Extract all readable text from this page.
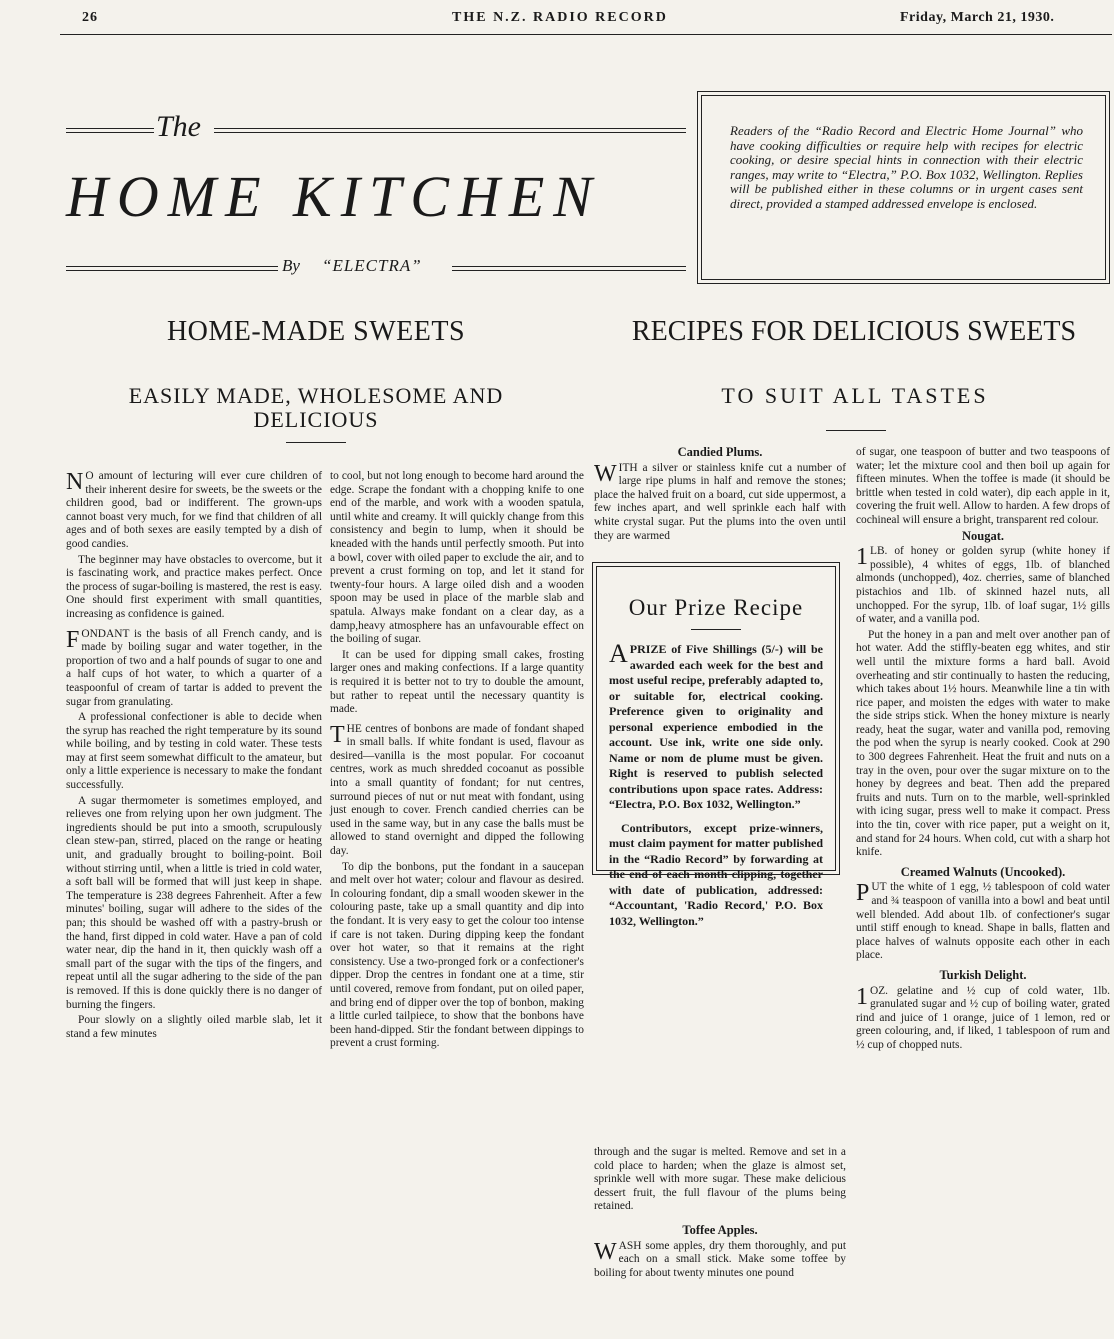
26	THE N.Z. RADIO RECORD	Friday, March 21, 1930.
The
HOME KITCHEN
By “ELECTRA”
Readers of the “Radio Record and Electric Home Journal” who have cooking difficulties or require help with recipes for electric cooking, or desire special hints in connection with their electric ranges, may write to “Electra,” P.O. Box 1032, Wellington. Replies will be published either in these columns or in urgent cases sent direct, provided a stamped addressed envelope is enclosed.
HOME-MADE SWEETS
EASILY MADE, WHOLESOME AND DELICIOUS
RECIPES FOR DELICIOUS SWEETS
TO SUIT ALL TASTES

N O amount of lecturing will ever cure children of their inherent desire for sweets, be the sweets or the children good, bad or indifferent. The grown-ups cannot boast very much, for we find that children of all ages and of both sexes are easily tempted by a dish of good candies.

The beginner may have obstacles to overcome, but it is fascinating work, and practice makes perfect. Once the process of sugar-boiling is mastered, the rest is easy. One should first experiment with small quantities, increasing as confidence is gained.

FONDANT is the basis of all French candy, and is made by boiling sugar and water together, in the proportion of two and a half pounds of sugar to one and a half cups of hot water, to which a quarter of a teaspoonful of cream of tartar is added to prevent the sugar from granulating.

A professional confectioner is able to decide when the syrup has reached the right temperature by its sound while boiling, and by testing in cold water. These tests may at first seem somewhat difficult to the amateur, but only a little experience is necessary to make the fondant successfully.

A sugar thermometer is sometimes employed, and relieves one from relying upon her own judgment. The ingredients should be put into a smooth, scrupulously clean stew-pan, stirred, placed on the range or heating unit, and gradually brought to boiling-point. Boil without stirring until, when a little is tried in cold water, a soft ball will be formed that will just keep in shape. The temperature is 238 degrees Fahrenheit. After a few minutes' boiling, sugar will adhere to the sides of the pan; this should be washed off with a pastry-brush or the hand, first dipped in cold water. Have a pan of cold water near, dip the hand in it, then quickly wash off a small part of the sugar with the tips of the fingers, and repeat until all the sugar adhering to the side of the pan is removed. If this is done quickly there is no danger of burning the fingers.

Pour slowly on a slightly oiled marble slab, let it stand a few minutes

to cool, but not long enough to become hard around the edge. Scrape the fondant with a chopping knife to one end of the marble, and work with a wooden spatula, until white and creamy. It will quickly change from this consistency and begin to lump, when it should be kneaded with the hands until perfectly smooth. Put into a bowl, cover with oiled paper to exclude the air, and to prevent a crust forming on top, and let it stand for twenty-four hours. A large oiled dish and a wooden spoon may be used in place of the marble slab and spatula. Always make fondant on a clear day, as a damp,heavy atmosphere has an unfavourable effect on the boiling of sugar.

It can be used for dipping small cakes, frosting larger ones and making confections. If a large quantity is required it is better not to try to double the amount, but rather to repeat until the necessary quantity is made.

THE centres of bonbons are made of fondant shaped in small balls. If white fondant is used, flavour as desired—vanilla is the most popular. For cocoanut centres, work as much shredded cocoanut as possible into a small quantity of fondant; for nut centres, surround pieces of nut or nut meat with fondant, using just enough to cover. French candied cherries can be used in the same way, but in any case the balls must be allowed to stand overnight and dipped the following day.

To dip the bonbons, put the fondant in a saucepan and melt over hot water; colour and flavour as desired. In colouring fondant, dip a small wooden skewer in the colouring paste, take up a small quantity and dip into the fondant. It is very easy to get the colour too intense if care is not taken. During dipping keep the fondant over hot water, so that it remains at the right consistency. Use a two-pronged fork or a confectioner's dipper. Drop the centres in fondant one at a time, stir until covered, remove from fondant, put on oiled paper, and bring end of dipper over the top of bonbon, making a little curled tailpiece, to show that the bonbons have been hand-dipped. Stir the fondant between dippings to prevent a crust forming.

Candied Plums.

WITH a silver or stainless knife cut a number of large ripe plums in half and remove the stones; place the halved fruit on a board, cut side uppermost, a few inches apart, and well sprinkle each half with white crystal sugar. Put the plums into the oven until they are warmed

Our Prize Recipe

APRIZE of Five Shillings (5/-) will be awarded each week for the best and most useful recipe, preferably adapted to, or suitable for, electrical cooking. Preference given to originality and personal experience embodied in the account. Use ink, write one side only. Name or nom de plume must be given. Right is reserved to publish selected contributions upon space rates. Address: “Electra, P.O. Box 1032, Wellington.”

Contributors, except prize-winners, must claim payment for matter published in the “Radio Record” by forwarding at the end of each month clipping, together with date of publication, addressed: “Accountant, 'Radio Record,' P.O. Box 1032, Wellington.”

through and the sugar is melted. Remove and set in a cold place to harden; when the glaze is almost set, sprinkle well with more sugar. These make delicious dessert fruit, the full flavour of the plums being retained.

Toffee Apples.

WASH some apples, dry them thoroughly, and put each on a small stick. Make some toffee by boiling for about twenty minutes one pound

of sugar, one teaspoon of butter and two teaspoons of water; let the mixture cool and then boil up again for fifteen minutes. When the toffee is made (it should be brittle when tested in cold water), dip each apple in it, covering the fruit well. Allow to harden. A few drops of cochineal will ensure a bright, transparent red colour.

Nougat.

1 LB. of honey or golden syrup (white honey if possible), 4 whites of eggs, 1lb. of blanched almonds (unchopped), 4oz. cherries, same of blanched pistachios and 1lb. of skinned hazel nuts, all unchopped. For the syrup, 1lb. of loaf sugar, 1½ gills of water, and a vanilla pod.

Put the honey in a pan and melt over another pan of hot water. Add the stiffly-beaten egg whites, and stir well until the mixture forms a hard ball. Avoid overheating and stir continually to hasten the reducing, which takes about 1½ hours. Meanwhile line a tin with rice paper, and moisten the edges with water to make the side strips stick. When the honey mixture is nearly ready, heat the sugar, water and vanilla pod, removing the pod when the syrup is nearly cooked. Cook at 290 to 300 degrees Fahrenheit. Heat the fruit and nuts on a tray in the oven, pour over the sugar mixture on to the honey by degrees and beat. Then add the prepared fruits and nuts. Turn on to the marble, well-sprinkled with icing sugar, press well to make it compact. Press into the tin, cover with rice paper, put a weight on it, and stand for 24 hours. When cold, cut with a sharp hot knife.

Creamed Walnuts (Uncooked).

PUT the white of 1 egg, ½ tablespoon of cold water and ¾ teaspoon of vanilla into a bowl and beat until well blended. Add about 1lb. of confectioner's sugar until stiff enough to knead. Shape in balls, flatten and place halves of walnuts opposite each other in each place.

Turkish Delight.

1 OZ. gelatine and ½ cup of cold water, 1lb. granulated sugar and ½ cup of boiling water, grated rind and juice of 1 orange, juice of 1 lemon, red or green colouring, and, if liked, 1 tablespoon of rum and ½ cup of chopped nuts.
